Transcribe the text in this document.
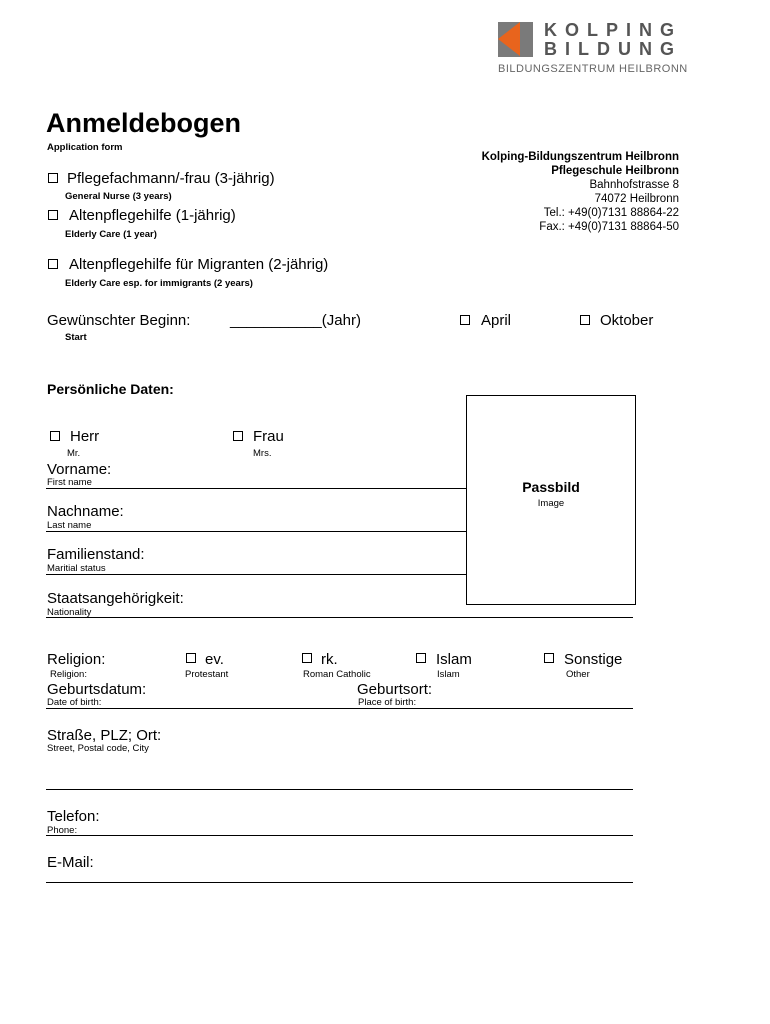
KOLPING
BILDUNG
BILDUNGSZENTRUM HEILBRONN
Anmeldebogen
Application form
Kolping-Bildungszentrum Heilbronn
Pflegeschule Heilbronn
Bahnhofstrasse 8
74072 Heilbronn
Tel.: +49(0)7131 88864-22
Fax.: +49(0)7131 88864-50
Pflegefachmann/-frau (3-jährig)
General Nurse (3 years)
Altenpflegehilfe (1-jährig)
Elderly Care (1 year)
Altenpflegehilfe für Migranten (2-jährig)
Elderly Care esp. for immigrants (2 years)
Gewünschter Beginn:
Start
___________(Jahr)	April	Oktober
Persönliche Daten:
Herr
Mr.
Frau
Mrs.
Passbild
Image
Vorname:
First name
Nachname:
Last name
Familienstand:
Maritial status
Staatsangehörigkeit:
Nationality
Religion:
Religion:
ev.
Protestant
rk.
Roman Catholic
Islam
Islam
Sonstige
Other
Geburtsdatum:
Date of birth:
Geburtsort:
Place of birth:
Straße, PLZ; Ort:
Street, Postal code, City
Telefon:
Phone:
E-Mail:
